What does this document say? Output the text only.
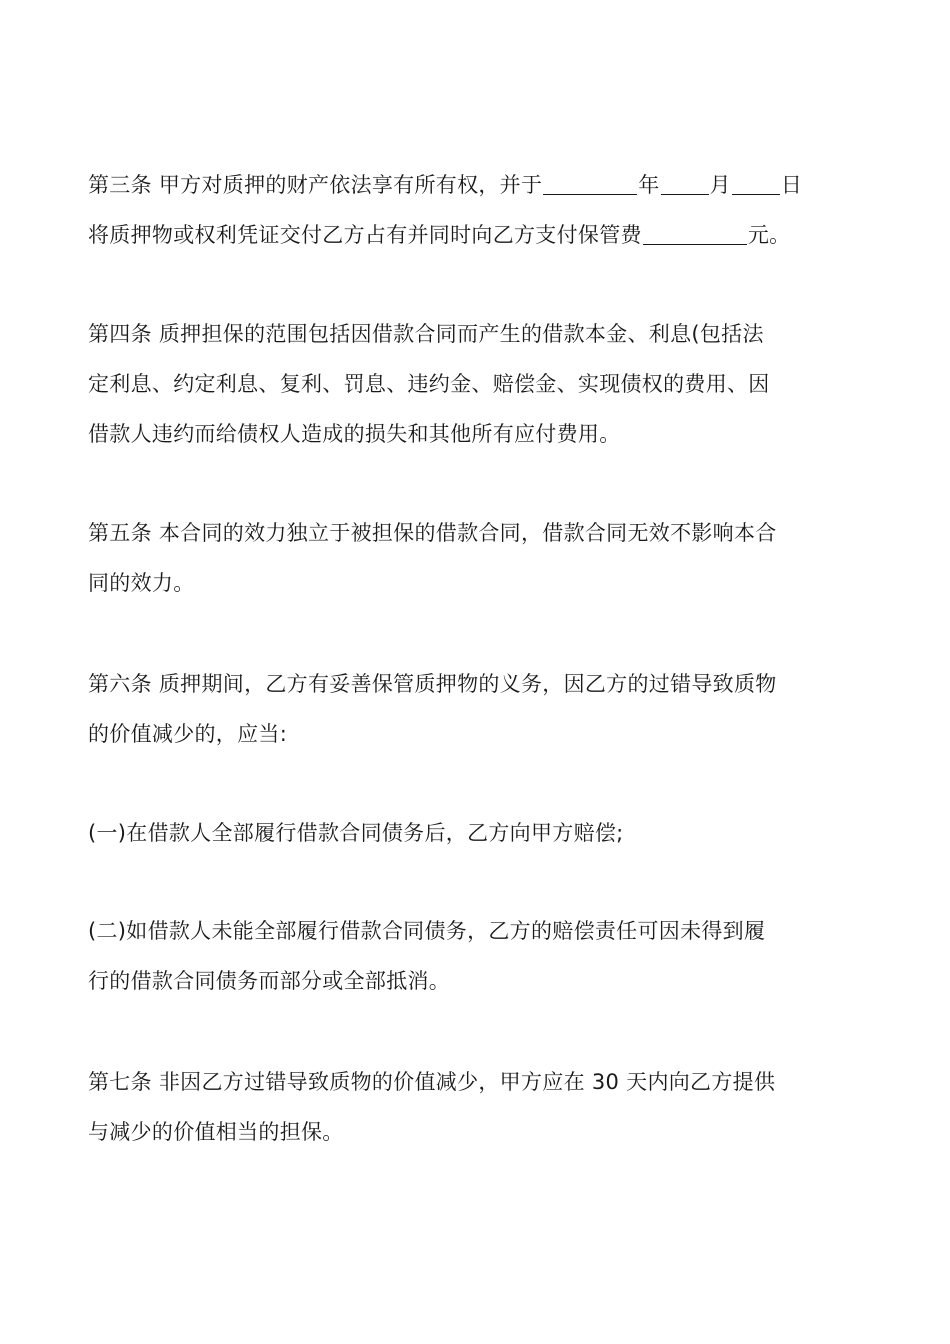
第三条 甲方对质押的财产依法享有所有权，并于	年 月 日
将质押物或权利凭证交付乙方占有并同时向乙方支付保管费	元。

第四条 质押担保的范围包括因借款合同而产生的借款本金、利息(包括法
定利息、约定利息、复利、罚息、违约金、赔偿金、实现债权的费用、因
借款人违约而给债权人造成的损失和其他所有应付费用。

第五条 本合同的效力独立于被担保的借款合同，借款合同无效不影响本合
同的效力。

第六条 质押期间，乙方有妥善保管质押物的义务，因乙方的过错导致质物
的价值减少的，应当:

(一)在借款人全部履行借款合同债务后，乙方向甲方赔偿;

(二)如借款人未能全部履行借款合同债务，乙方的赔偿责任可因未得到履
行的借款合同债务而部分或全部抵消。

第七条 非因乙方过错导致质物的价值减少，甲方应在 30 天内向乙方提供
与减少的价值相当的担保。
